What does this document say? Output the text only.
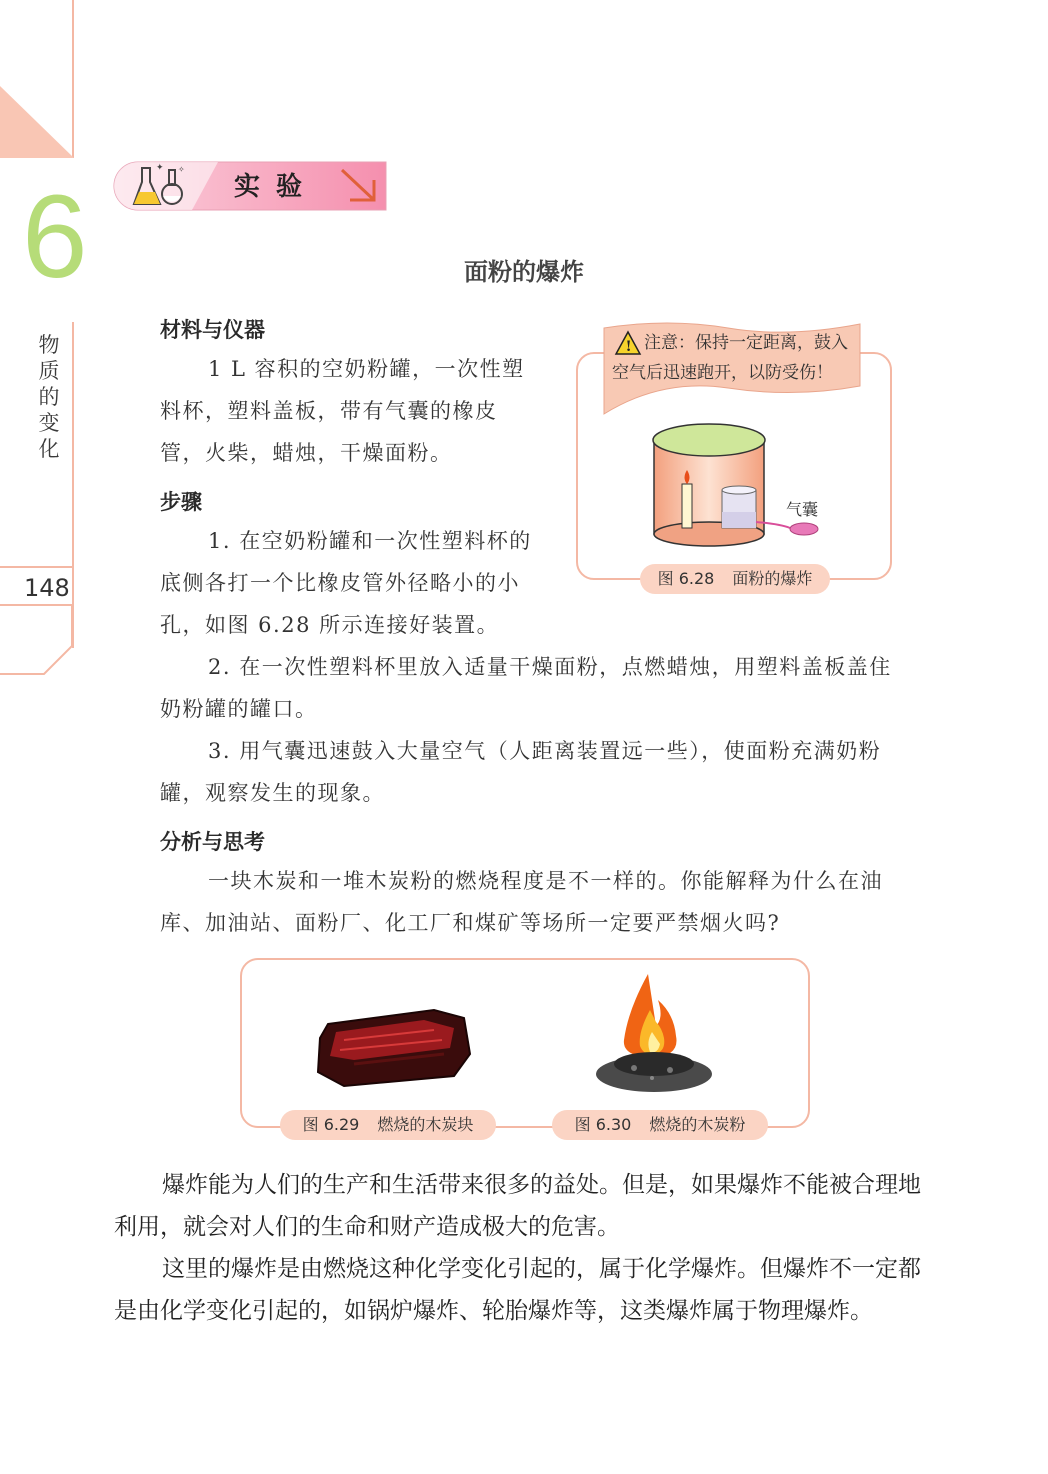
6
物质的变化
148
✦ ✧
实验
面粉的爆炸
材料与仪器

1 L 容积的空奶粉罐，一次性塑料杯，塑料盖板，带有气囊的橡皮管，火柴，蜡烛，干燥面粉。

步骤

1. 在空奶粉罐和一次性塑料杯的底侧各打一个比橡皮管外径略小的小孔，如图 6.28 所示连接好装置。

2. 在一次性塑料杯里放入适量干燥面粉，点燃蜡烛，用塑料盖板盖住奶粉罐的罐口。

3. 用气囊迅速鼓入大量空气（人距离装置远一些），使面粉充满奶粉罐，观察发生的现象。

分析与思考

一块木炭和一堆木炭粉的燃烧程度是不一样的。你能解释为什么在油库、加油站、面粉厂、化工厂和煤矿等场所一定要严禁烟火吗?

! 注意：保持一定距离，鼓入空气后迅速跑开，以防受伤！
气囊
图 6.28 面粉的爆炸
图 6.29 燃烧的木炭块	图 6.30 燃烧的木炭粉

爆炸能为人们的生产和生活带来很多的益处。但是，如果爆炸不能被合理地利用，就会对人们的生命和财产造成极大的危害。

这里的爆炸是由燃烧这种化学变化引起的，属于化学爆炸。但爆炸不一定都是由化学变化引起的，如锅炉爆炸、轮胎爆炸等，这类爆炸属于物理爆炸。
